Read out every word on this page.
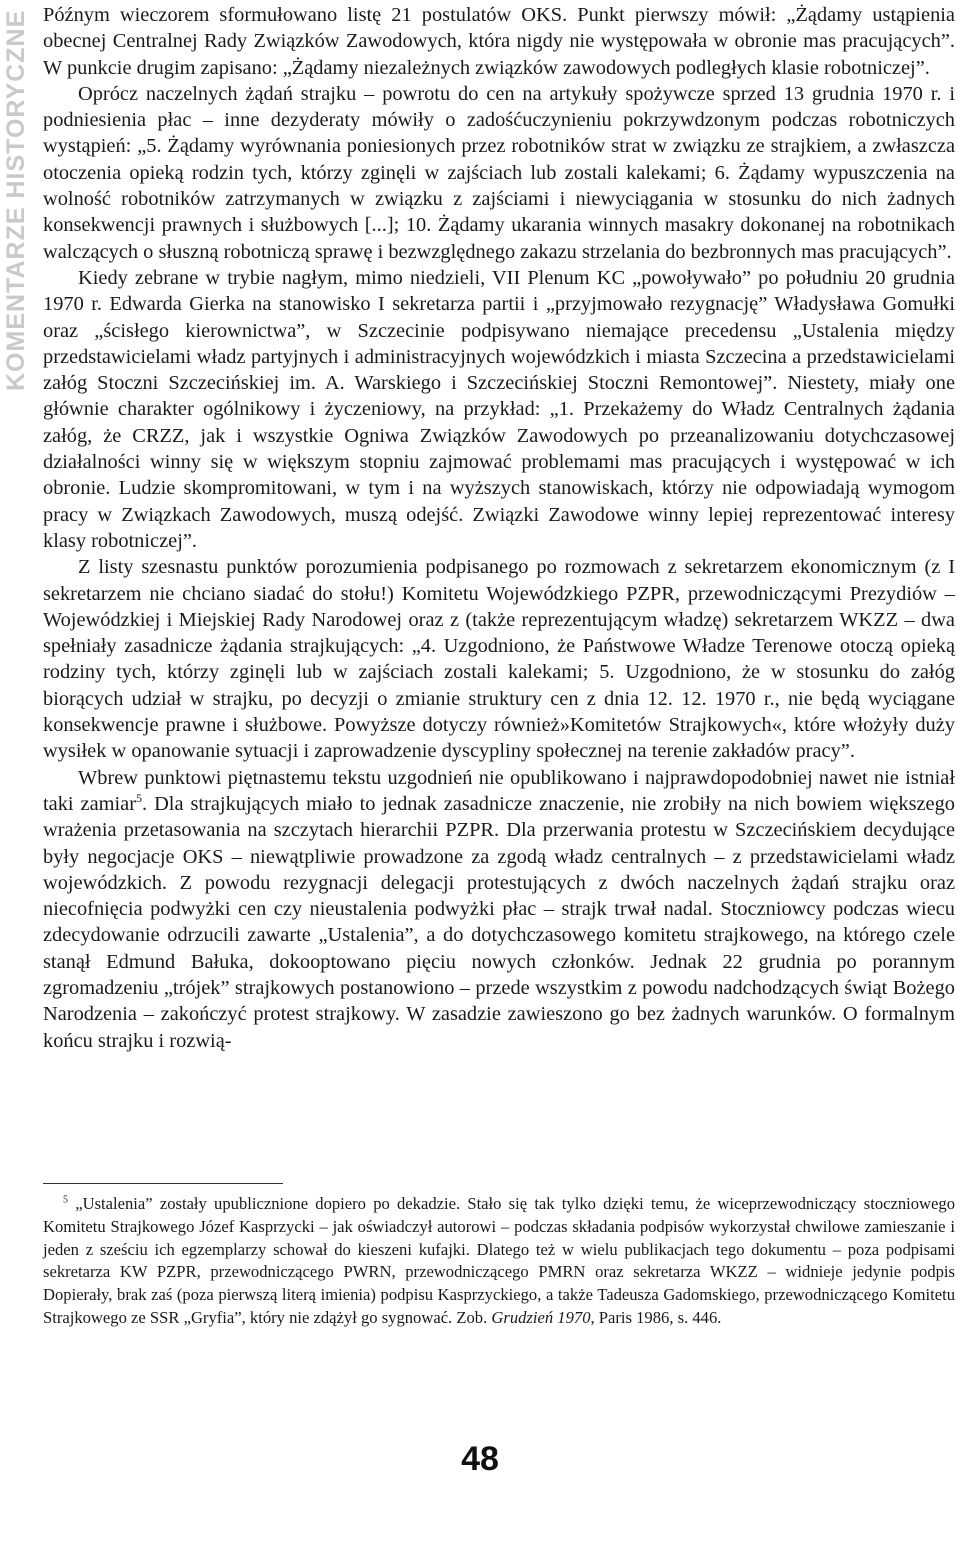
KOMENTARZE HISTORYCZNE Późnym wieczorem sformułowano listę 21 postulatów OKS. Punkt pierwszy mówił: „Żądamy ustąpienia obecnej Centralnej Rady Związków Zawodowych, która nigdy nie występowała w obronie mas pracujących”. W punkcie drugim zapisano: „Żądamy niezależnych związków zawodowych podległych klasie robotniczej”.

Oprócz naczelnych żądań strajku – powrotu do cen na artykuły spożywcze sprzed 13 grudnia 1970 r. i podniesienia płac – inne dezyderaty mówiły o zadośćuczynieniu pokrzywdzonym podczas robotniczych wystąpień: „5. Żądamy wyrównania poniesionych przez robotników strat w związku ze strajkiem, a zwłaszcza otoczenia opieką rodzin tych, którzy zginęli w zajściach lub zostali kalekami; 6. Żądamy wypuszczenia na wolność robotników zatrzymanych w związku z zajściami i niewyciągania w stosunku do nich żadnych konsekwencji prawnych i służbowych [...]; 10. Żądamy ukarania winnych masakry dokonanej na robotnikach walczących o słuszną robotniczą sprawę i bezwzględnego zakazu strzelania do bezbronnych mas pracujących”.

Kiedy zebrane w trybie nagłym, mimo niedzieli, VII Plenum KC „powoływało” po południu 20 grudnia 1970 r. Edwarda Gierka na stanowisko I sekretarza partii i „przyjmowało rezygnację” Władysława Gomułki oraz „ścisłego kierownictwa”, w Szczecinie podpisywano niemające precedensu „Ustalenia między przedstawicielami władz partyjnych i administracyjnych wojewódzkich i miasta Szczecina a przedstawicielami załóg Stoczni Szczecińskiej im. A. Warskiego i Szczecińskiej Stoczni Remontowej”. Niestety, miały one głównie charakter ogólnikowy i życzeniowy, na przykład: „1. Przekażemy do Władz Centralnych żądania załóg, że CRZZ, jak i wszystkie Ogniwa Związków Zawodowych po przeanalizowaniu dotychczasowej działalności winny się w większym stopniu zajmować problemami mas pracujących i występować w ich obronie. Ludzie skompromitowani, w tym i na wyższych stanowiskach, którzy nie odpowiadają wymogom pracy w Związkach Zawodowych, muszą odejść. Związki Zawodowe winny lepiej reprezentować interesy klasy robotniczej”.

Z listy szesnastu punktów porozumienia podpisanego po rozmowach z sekretarzem ekonomicznym (z I sekretarzem nie chciano siadać do stołu!) Komitetu Wojewódzkiego PZPR, przewodniczącymi Prezydiów – Wojewódzkiej i Miejskiej Rady Narodowej oraz z (także reprezentującym władzę) sekretarzem WKZZ – dwa spełniały zasadnicze żądania strajkujących: „4. Uzgodniono, że Państwowe Władze Terenowe otoczą opieką rodziny tych, którzy zginęli lub w zajściach zostali kalekami; 5. Uzgodniono, że w stosunku do załóg biorących udział w strajku, po decyzji o zmianie struktury cen z dnia 12. 12. 1970 r., nie będą wyciągane konsekwencje prawne i służbowe. Powyższe dotyczy również»Komitetów Strajkowych«, które włożyły duży wysiłek w opanowanie sytuacji i zaprowadzenie dyscypliny społecznej na terenie zakładów pracy”.

Wbrew punktowi piętnastemu tekstu uzgodnień nie opublikowano i najprawdopodobniej nawet nie istniał taki zamiar$^5$. Dla strajkujących miało to jednak zasadnicze znaczenie, nie zrobiły na nich bowiem większego wrażenia przetasowania na szczytach hierarchii PZPR. Dla przerwania protestu w Szczecińskiem decydujące były negocjacje OKS – niewątpliwie prowadzone za zgodą władz centralnych – z przedstawicielami władz wojewódzkich. Z powodu rezygnacji delegacji protestujących z dwóch naczelnych żądań strajku oraz niecofnięcia podwyżki cen czy nieustalenia podwyżki płac – strajk trwał nadal. Stoczniowcy podczas wiecu zdecydowanie odrzucili zawarte „Ustalenia”, a do dotychczasowego komitetu strajkowego, na którego czele stanął Edmund Bałuka, dokooptowano pięciu nowych członków. Jednak 22 grudnia po porannym zgromadzeniu „trójek” strajkowych postanowiono – przede wszystkim z powodu nadchodzących świąt Bożego Narodzenia – zakończyć protest strajkowy. W zasadzie zawieszono go bez żadnych warunków. O formalnym końcu strajku i rozwią-

$^5$ „Ustalenia” zostały upublicznione dopiero po dekadzie. Stało się tak tylko dzięki temu, że wiceprzewodniczący stoczniowego Komitetu Strajkowego Józef Kasprzycki – jak oświadczył autorowi – podczas składania podpisów wykorzystał chwilowe zamieszanie i jeden z sześciu ich egzemplarzy schował do kieszeni kufajki. Dlatego też w wielu publikacjach tego dokumentu – poza podpisami sekretarza KW PZPR, przewodniczącego PWRN, przewodniczącego PMRN oraz sekretarza WKZZ – widnieje jedynie podpis Dopierały, brak zaś (poza pierwszą literą imienia) podpisu Kasprzyckiego, a także Tadeusza Gadomskiego, przewodniczącego Komitetu Strajkowego ze SSR „Gryfia”, który nie zdążył go sygnować. Zob. Grudzień 1970, Paris 1986, s. 446.
48
